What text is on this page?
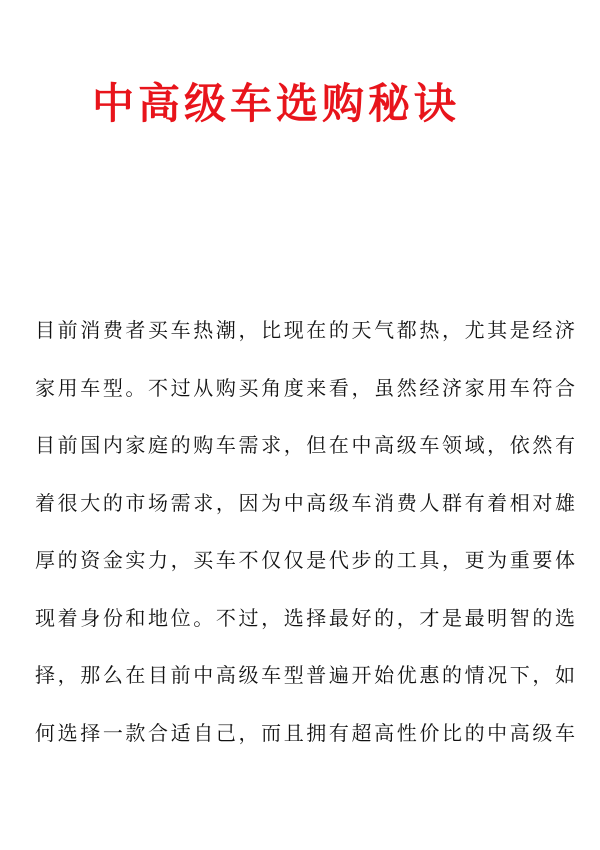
中高级车选购秘诀
目前消费者买车热潮，比现在的天气都热，尤其是经济
家用车型。不过从购买角度来看，虽然经济家用车符合
目前国内家庭的购车需求，但在中高级车领域，依然有
着很大的市场需求，因为中高级车消费人群有着相对雄
厚的资金实力，买车不仅仅是代步的工具，更为重要体
现着身份和地位。不过，选择最好的，才是最明智的选
择，那么在目前中高级车型普遍开始优惠的情况下，如
何选择一款合适自己，而且拥有超高性价比的中高级车
